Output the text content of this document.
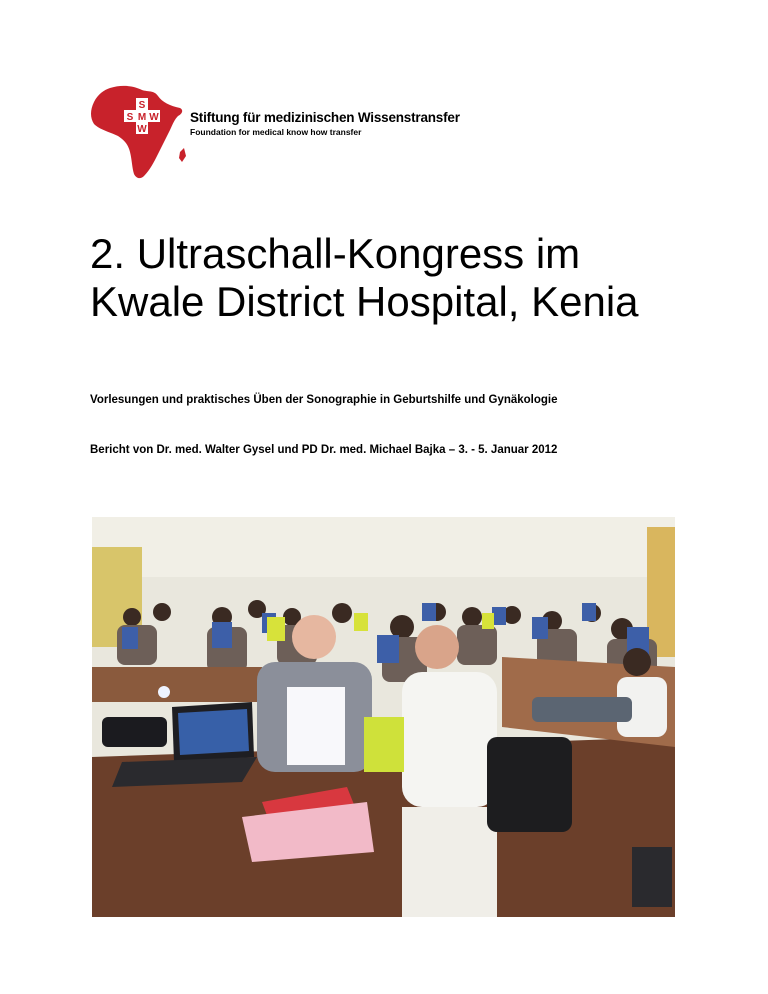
S
S M W
W
Stiftung für medizinischen Wissenstransfer
Foundation for medical know how transfer
2. Ultraschall-Kongress im
Kwale District Hospital, Kenia
Vorlesungen und praktisches Üben der Sonographie in Geburtshilfe und Gynäkologie
Bericht von Dr. med. Walter Gysel und PD Dr. med. Michael Bajka – 3. - 5. Januar 2012
